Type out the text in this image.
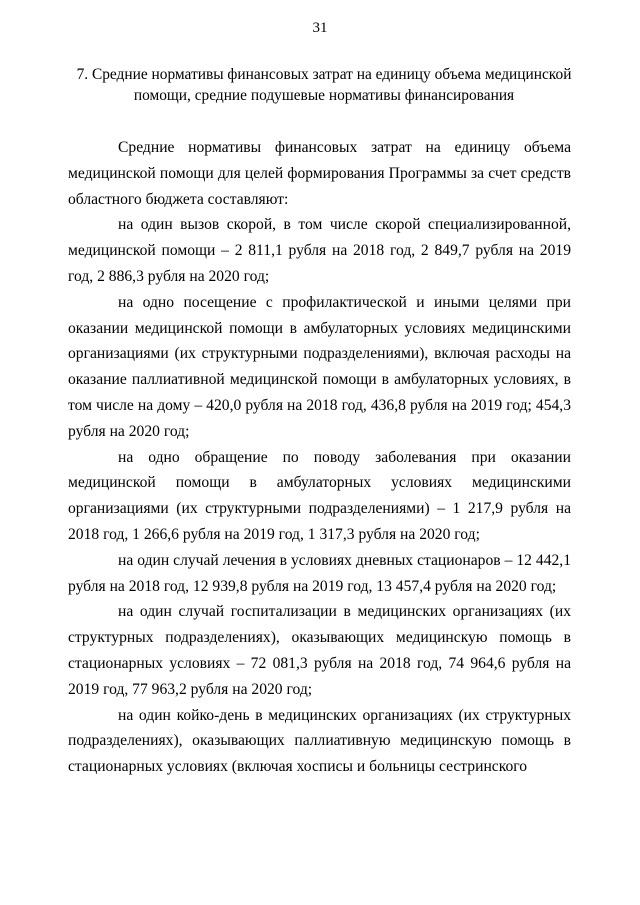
31
7. Средние нормативы финансовых затрат на единицу объема медицинской помощи, средние подушевые нормативы финансирования

Средние нормативы финансовых затрат на единицу объема медицинской помощи для целей формирования Программы за счет средств областного бюджета составляют:

на один вызов скорой, в том числе скорой специализированной, медицинской помощи – 2 811,1 рубля на 2018 год, 2 849,7 рубля на 2019 год, 2 886,3 рубля на 2020 год;

на одно посещение с профилактической и иными целями при оказании медицинской помощи в амбулаторных условиях медицинскими организациями (их структурными подразделениями), включая расходы на оказание паллиативной медицинской помощи в амбулаторных условиях, в том числе на дому – 420,0 рубля на 2018 год, 436,8 рубля на 2019 год; 454,3 рубля на 2020 год;

на одно обращение по поводу заболевания при оказании медицинской помощи в амбулаторных условиях медицинскими организациями (их структурными подразделениями) – 1 217,9 рубля на 2018 год, 1 266,6 рубля на 2019 год, 1 317,3 рубля на 2020 год;

на один случай лечения в условиях дневных стационаров – 12 442,1 рубля на 2018 год, 12 939,8 рубля на 2019 год, 13 457,4 рубля на 2020 год;

на один случай госпитализации в медицинских организациях (их структурных подразделениях), оказывающих медицинскую помощь в стационарных условиях – 72 081,3 рубля на 2018 год, 74 964,6 рубля на 2019 год, 77 963,2 рубля на 2020 год;

на один койко-день в медицинских организациях (их структурных подразделениях), оказывающих паллиативную медицинскую помощь в стационарных условиях (включая хосписы и больницы сестринского
